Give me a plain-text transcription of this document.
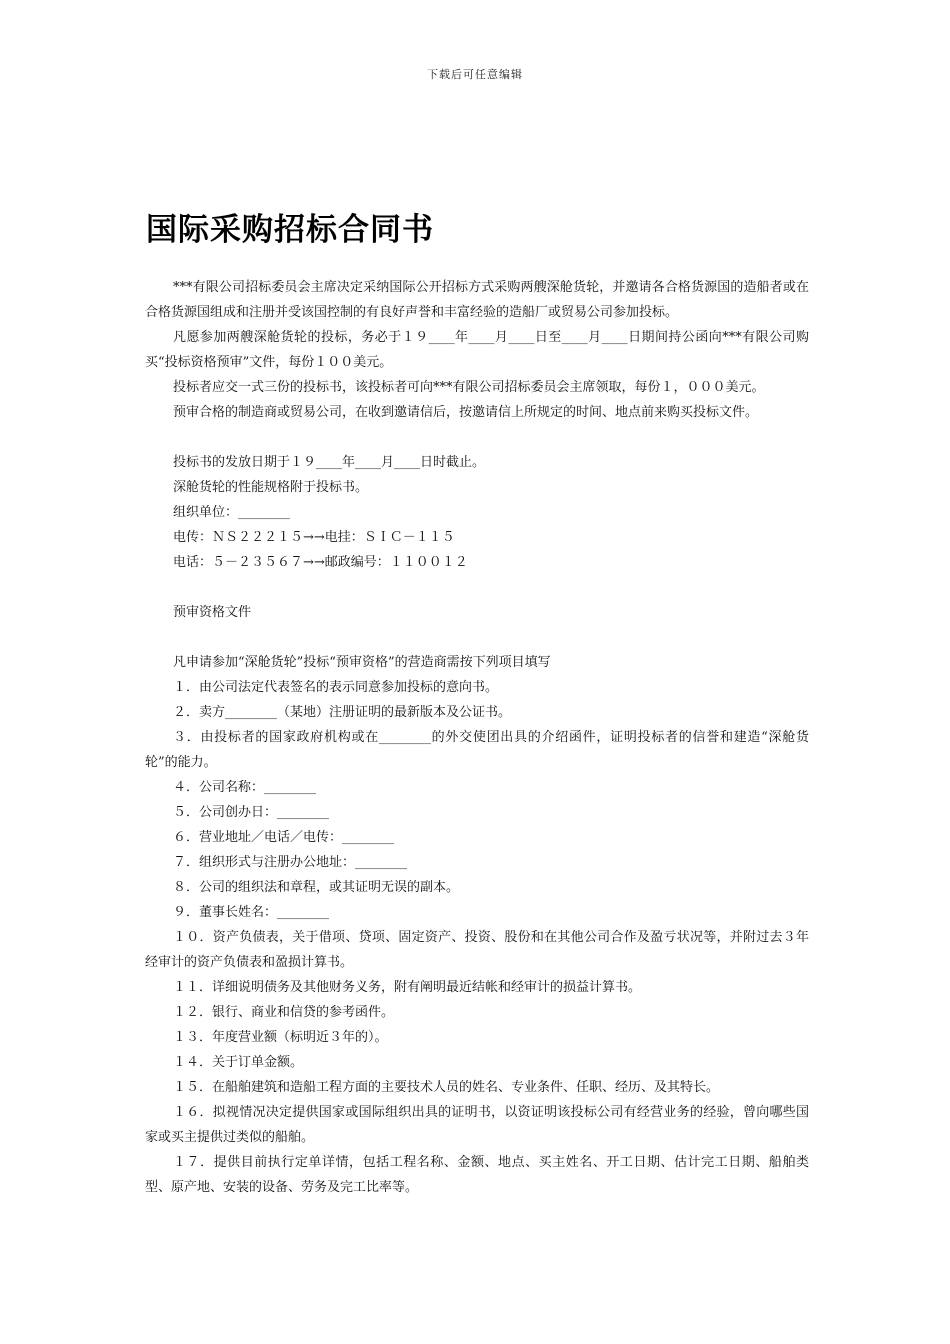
下载后可任意编辑
国际采购招标合同书

***有限公司招标委员会主席决定采纳国际公开招标方式采购两艘深舱货轮，并邀请各合格货源国的造船者或在合格货源国组成和注册并受该国控制的有良好声誉和丰富经验的造船厂或贸易公司参加投标。

凡愿参加两艘深舱货轮的投标，务必于１９____年____月____日至____月____日期间持公函向***有限公司购买“投标资格预审”文件，每份１００美元。

投标者应交一式三份的投标书，该投标者可向***有限公司招标委员会主席领取，每份１，０００美元。

预审合格的制造商或贸易公司，在收到邀请信后，按邀请信上所规定的时间、地点前来购买投标文件。

投标书的发放日期于１９____年____月____日时截止。

深舱货轮的性能规格附于投标书。

组织单位：________

电传：ＮＳ２２２１５→→电挂：ＳＩＣ－１１５

电话：５－２３５６７→→邮政编号：１１００１２

预审资格文件

凡申请参加“深舱货轮”投标“预审资格”的营造商需按下列项目填写

１．由公司法定代表签名的表示同意参加投标的意向书。

２．卖方________（某地）注册证明的最新版本及公证书。

３．由投标者的国家政府机构或在________的外交使团出具的介绍函件，证明投标者的信誉和建造“深舱货轮”的能力。

４．公司名称：________

５．公司创办日：________

６．营业地址／电话／电传：________

７．组织形式与注册办公地址：________

８．公司的组织法和章程，或其证明无误的副本。

９．董事长姓名：________

１０．资产负债表，关于借项、贷项、固定资产、投资、股份和在其他公司合作及盈亏状况等，并附过去３年经审计的资产负债表和盈损计算书。

１１．详细说明债务及其他财务义务，附有阐明最近结帐和经审计的损益计算书。

１２．银行、商业和信贷的参考函件。

１３．年度营业额（标明近３年的）。

１４．关于订单金额。

１５．在船舶建筑和造船工程方面的主要技术人员的姓名、专业条件、任职、经历、及其特长。

１６．拟视情况决定提供国家或国际组织出具的证明书，以资证明该投标公司有经营业务的经验，曾向哪些国家或买主提供过类似的船舶。

１７．提供目前执行定单详情，包括工程名称、金额、地点、买主姓名、开工日期、估计完工日期、船舶类型、原产地、安装的设备、劳务及完工比率等。
